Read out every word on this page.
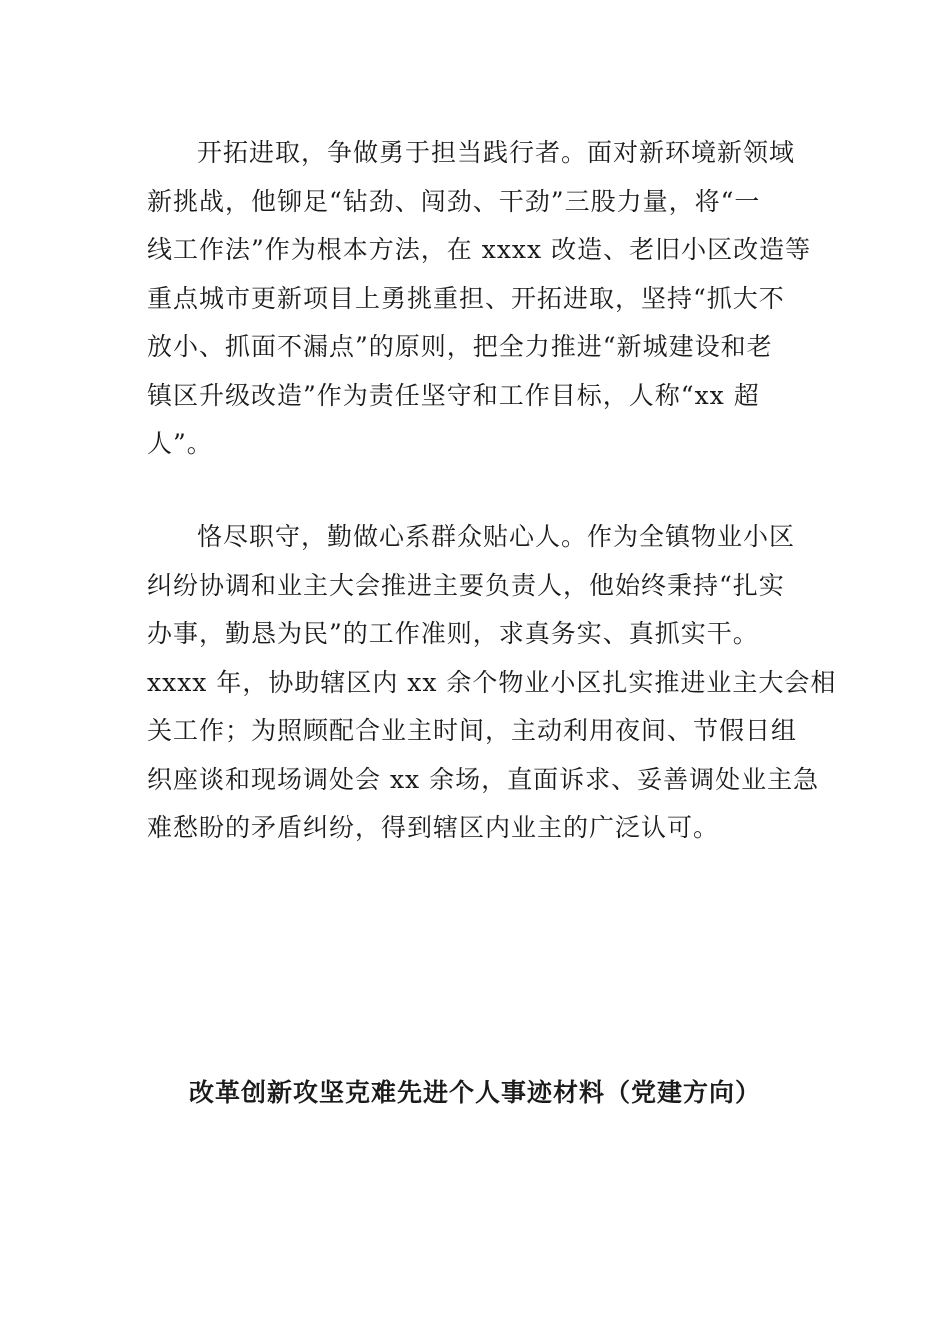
开拓进取，争做勇于担当践行者。面对新环境新领域
新挑战，他铆足“钻劲、闯劲、干劲”三股力量，将“一
线工作法”作为根本方法，在 xxxx 改造、老旧小区改造等
重点城市更新项目上勇挑重担、开拓进取，坚持“抓大不
放小、抓面不漏点”的原则，把全力推进“新城建设和老
镇区升级改造”作为责任坚守和工作目标，人称“xx 超
人”。

恪尽职守，勤做心系群众贴心人。作为全镇物业小区
纠纷协调和业主大会推进主要负责人，他始终秉持“扎实
办事，勤恳为民”的工作准则，求真务实、真抓实干。
xxxx 年，协助辖区内 xx 余个物业小区扎实推进业主大会相
关工作；为照顾配合业主时间，主动利用夜间、节假日组
织座谈和现场调处会 xx 余场，直面诉求、妥善调处业主急
难愁盼的矛盾纠纷，得到辖区内业主的广泛认可。

改革创新攻坚克难先进个人事迹材料（党建方向）
